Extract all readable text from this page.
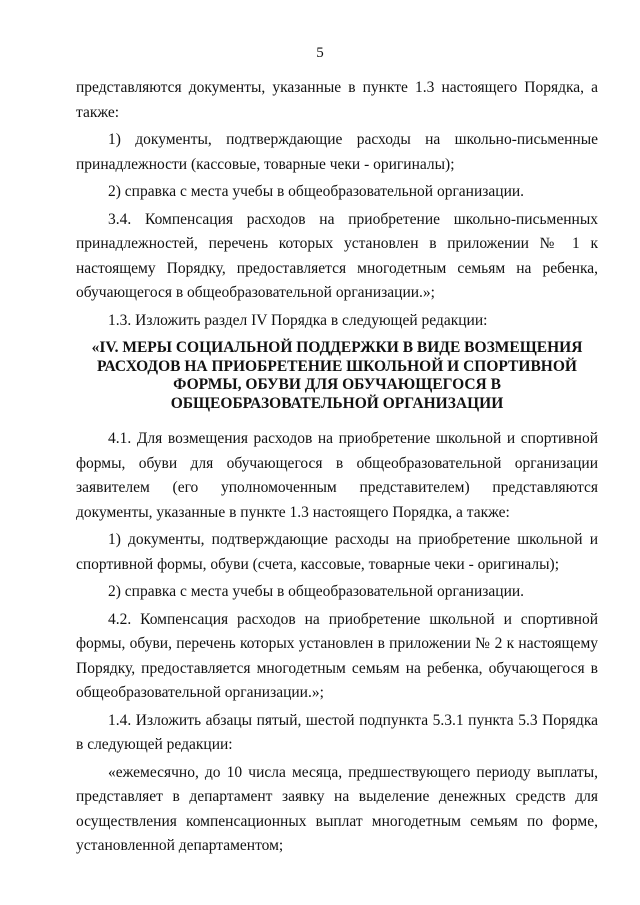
5

представляются документы, указанные в пункте 1.3 настоящего Порядка, а также:

1) документы, подтверждающие расходы на школьно-письменные принадлежности (кассовые, товарные чеки - оригиналы);

2) справка с места учебы в общеобразовательной организации.

3.4. Компенсация расходов на приобретение школьно-письменных принадлежностей, перечень которых установлен в приложении № 1 к настоящему Порядку, предоставляется многодетным семьям на ребенка, обучающегося в общеобразовательной организации.»;

1.3. Изложить раздел IV Порядка в следующей редакции:

«IV. МЕРЫ СОЦИАЛЬНОЙ ПОДДЕРЖКИ В ВИДЕ ВОЗМЕЩЕНИЯ РАСХОДОВ НА ПРИОБРЕТЕНИЕ ШКОЛЬНОЙ И СПОРТИВНОЙ ФОРМЫ, ОБУВИ ДЛЯ ОБУЧАЮЩЕГОСЯ В ОБЩЕОБРАЗОВАТЕЛЬНОЙ ОРГАНИЗАЦИИ

4.1. Для возмещения расходов на приобретение школьной и спортивной формы, обуви для обучающегося в общеобразовательной организации заявителем (его уполномоченным представителем) представляются документы, указанные в пункте 1.3 настоящего Порядка, а также:

1) документы, подтверждающие расходы на приобретение школьной и спортивной формы, обуви (счета, кассовые, товарные чеки - оригиналы);

2) справка с места учебы в общеобразовательной организации.

4.2. Компенсация расходов на приобретение школьной и спортивной формы, обуви, перечень которых установлен в приложении № 2 к настоящему Порядку, предоставляется многодетным семьям на ребенка, обучающегося в общеобразовательной организации.»;

1.4. Изложить абзацы пятый, шестой подпункта 5.3.1 пункта 5.3 Порядка в следующей редакции:

«ежемесячно, до 10 числа месяца, предшествующего периоду выплаты, представляет в департамент заявку на выделение денежных средств для осуществления компенсационных выплат многодетным семьям по форме, установленной департаментом;
